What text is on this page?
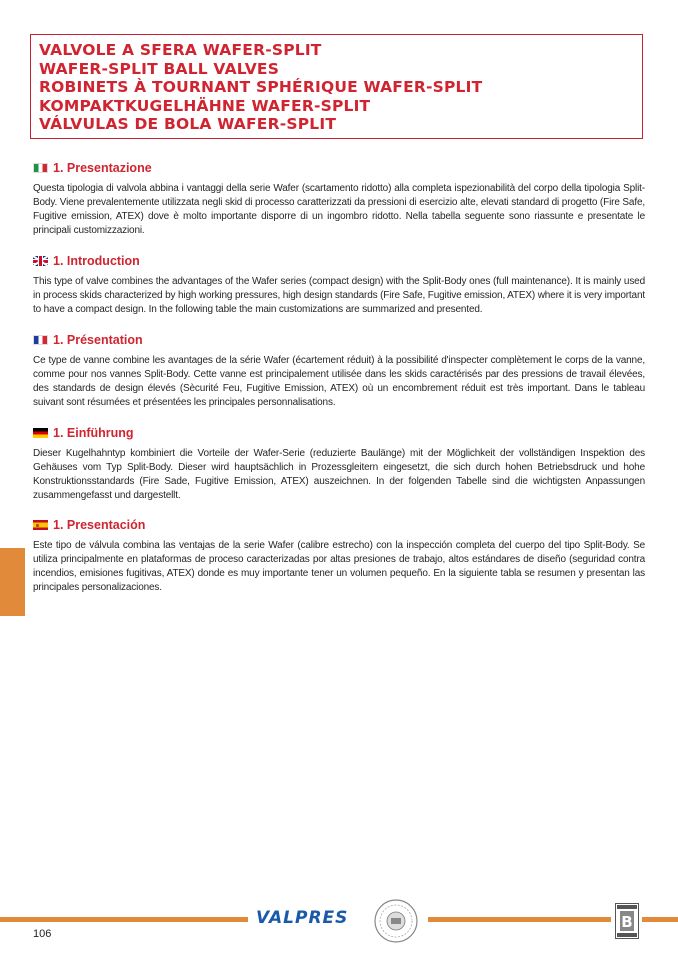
VALVOLE A SFERA WAFER-SPLIT
WAFER-SPLIT BALL VALVES
ROBINETS À TOURNANT SPHÉRIQUE WAFER-SPLIT
KOMPAKTKUGELHÄHNE WAFER-SPLIT
VÁLVULAS DE BOLA WAFER-SPLIT
1. Presentazione
Questa tipologia di valvola abbina i vantaggi della serie Wafer (scartamento ridotto) alla completa ispezionabilità del corpo della tipologia Split-Body. Viene prevalentemente utilizzata negli skid di processo caratterizzati da pressioni di esercizio alte, elevati standard di progetto (Fire Safe, Fugitive emission, ATEX) dove è molto importante disporre di un ingombro ridotto. Nella tabella seguente sono riassunte e presentate le principali customizzazioni.
1. Introduction
This type of valve combines the advantages of the Wafer series (compact design) with the Split-Body ones (full maintenance). It is mainly used in process skids characterized by high working pressures, high design standards (Fire Safe, Fugitive emission, ATEX) where it is very important to have a compact design. In the following table the main customizations are summarized and presented.
1. Présentation
Ce type de vanne combine les avantages de la série Wafer (écartement réduit) à la possibilité d'inspecter complètement le corps de la vanne, comme pour nos vannes Split-Body. Cette vanne est principalement utilisée dans les skids caractérisés par des pressions de travail élevées, des standards de design élevés (Sècurité Feu, Fugitive Emission, ATEX) où un encombrement réduit est très important. Dans le tableau suivant sont résumées et présentées les principales personnalisations.
1. Einführung
Dieser Kugelhahntyp kombiniert die Vorteile der Wafer-Serie (reduzierte Baulänge) mit der Möglichkeit der vollständigen Inspektion des Gehäuses vom Typ Split-Body. Dieser wird hauptsächlich in Prozessgleitern eingesetzt, die sich durch hohen Betriebsdruck und hohe Konstruktionsstandards (Fire Sade, Fugitive Emission, ATEX) auszeichnen. In der folgenden Tabelle sind die wichtigsten Anpassungen zusammengefasst und dargestellt.
1. Presentación
Este tipo de válvula combina las ventajas de la serie Wafer (calibre estrecho) con la inspección completa del cuerpo del tipo Split-Body. Se utiliza principalmente en plataformas de proceso caracterizadas por altas presiones de trabajo, altos estándares de diseño (seguridad contra incendios, emisiones fugitivas, ATEX) donde es muy importante tener un volumen pequeño. En la siguiente tabla se resumen y presentan las principales personalizaciones.
VALPRES	B
106
